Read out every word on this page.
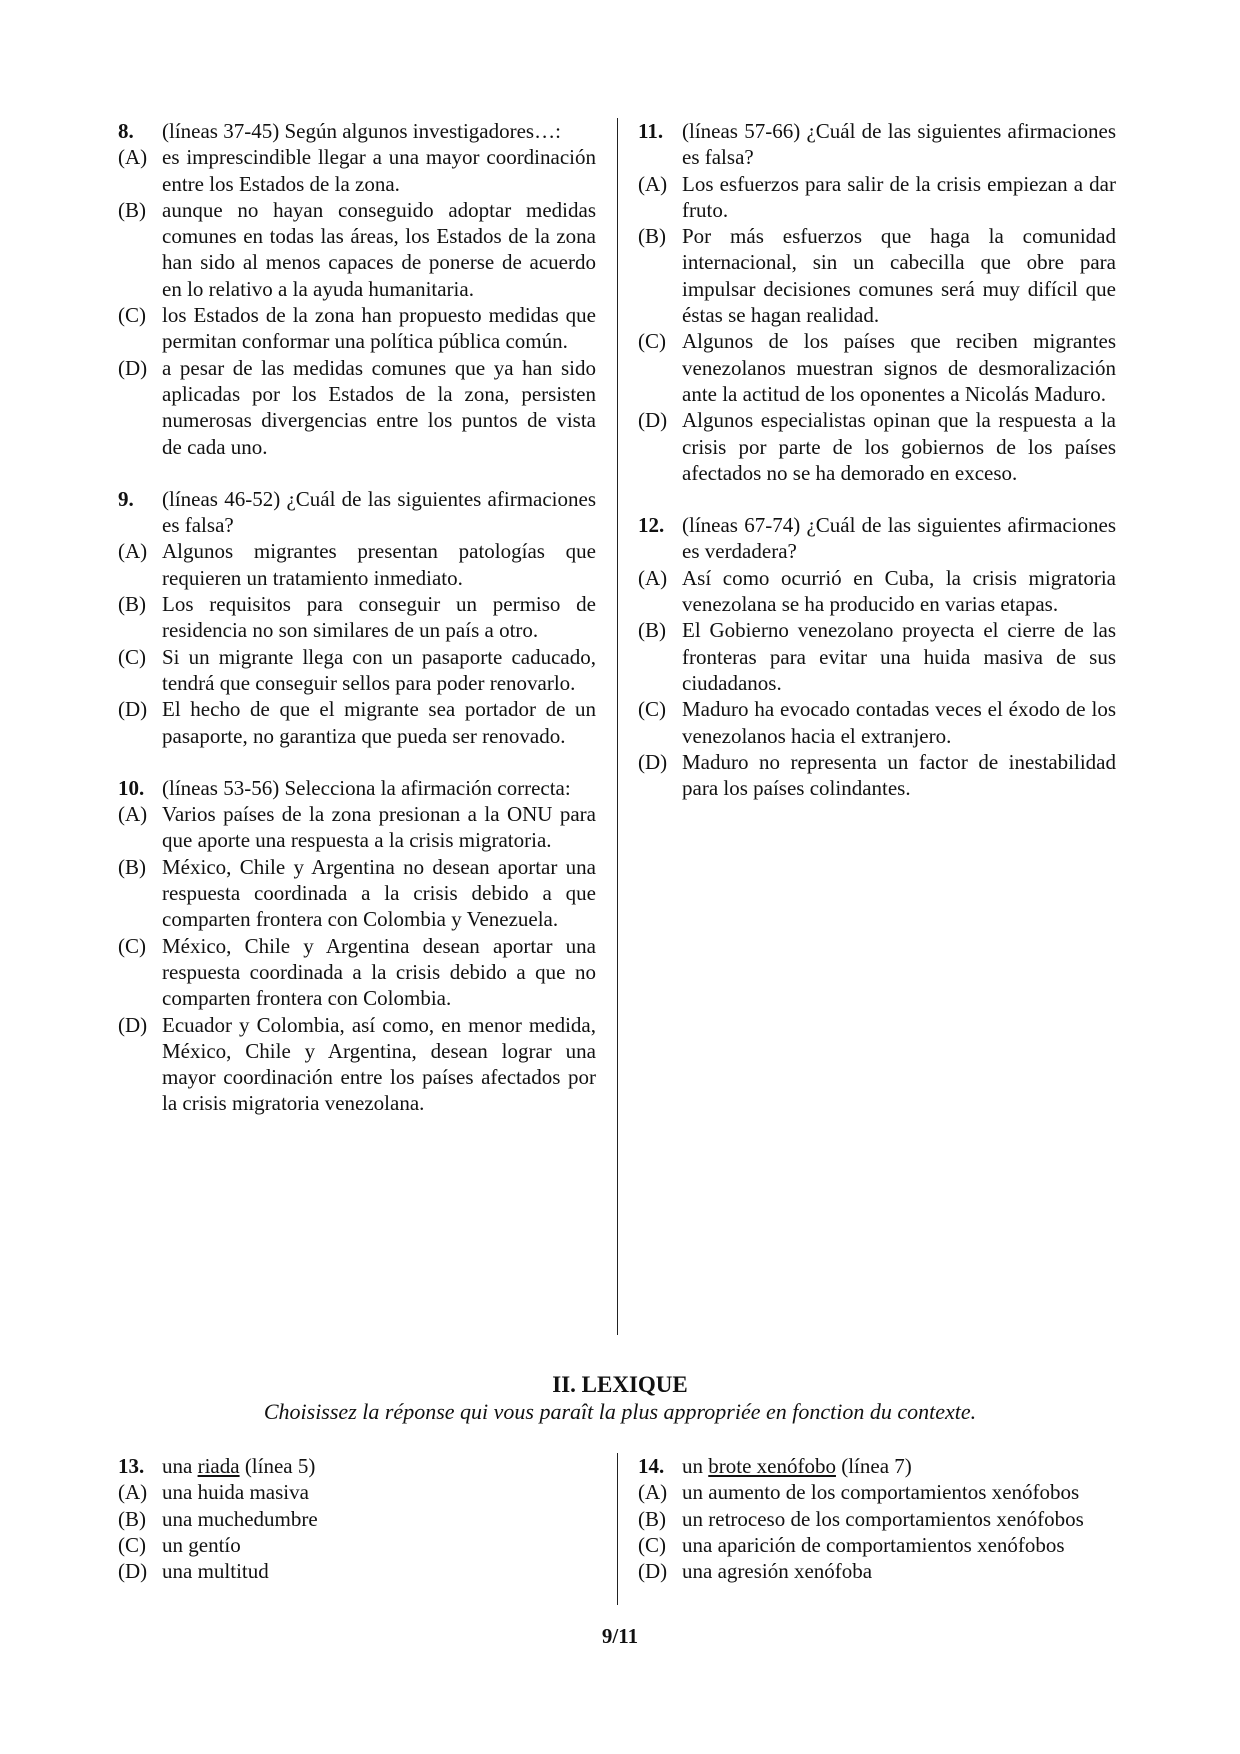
8.	(líneas 37-45) Según algunos investigadores…:
(A) es imprescindible llegar a una mayor coordinación entre los Estados de la zona.
(B) aunque no hayan conseguido adoptar medidas comunes en todas las áreas, los Estados de la zona han sido al menos capaces de ponerse de acuerdo en lo relativo a la ayuda humanitaria.
(C) los Estados de la zona han propuesto medidas que permitan conformar una política pública común.
(D) a pesar de las medidas comunes que ya han sido aplicadas por los Estados de la zona, persisten numerosas divergencias entre los puntos de vista de cada uno.
9.	(líneas 46-52) ¿Cuál de las siguientes afirmaciones es falsa?
(A) Algunos migrantes presentan patologías que requieren un tratamiento inmediato.
(B) Los requisitos para conseguir un permiso de residencia no son similares de un país a otro.
(C) Si un migrante llega con un pasaporte caducado, tendrá que conseguir sellos para poder renovarlo.
(D) El hecho de que el migrante sea portador de un pasaporte, no garantiza que pueda ser renovado.
10. (líneas 53-56) Selecciona la afirmación correcta:
(A) Varios países de la zona presionan a la ONU para que aporte una respuesta a la crisis migratoria.
(B) México, Chile y Argentina no desean aportar una respuesta coordinada a la crisis debido a que comparten frontera con Colombia y Venezuela.
(C) México, Chile y Argentina desean aportar una respuesta coordinada a la crisis debido a que no comparten frontera con Colombia.
(D) Ecuador y Colombia, así como, en menor medida, México, Chile y Argentina, desean lograr una mayor coordinación entre los países afectados por la crisis migratoria venezolana.
11. (líneas 57-66) ¿Cuál de las siguientes afirmaciones es falsa?
(A) Los esfuerzos para salir de la crisis empiezan a dar fruto.
(B) Por más esfuerzos que haga la comunidad internacional, sin un cabecilla que obre para impulsar decisiones comunes será muy difícil que éstas se hagan realidad.
(C) Algunos de los países que reciben migrantes venezolanos muestran signos de desmoralización ante la actitud de los oponentes a Nicolás Maduro.
(D) Algunos especialistas opinan que la respuesta a la crisis por parte de los gobiernos de los países afectados no se ha demorado en exceso.
12. (líneas 67-74) ¿Cuál de las siguientes afirmaciones es verdadera?
(A) Así como ocurrió en Cuba, la crisis migratoria venezolana se ha producido en varias etapas.
(B) El Gobierno venezolano proyecta el cierre de las fronteras para evitar una huida masiva de sus ciudadanos.
(C) Maduro ha evocado contadas veces el éxodo de los venezolanos hacia el extranjero.
(D) Maduro no representa un factor de inestabilidad para los países colindantes.
II. LEXIQUE
Choisissez la réponse qui vous paraît la plus appropriée en fonction du contexte.
13. una riada (línea 5)
(A) una huida masiva
(B) una muchedumbre
(C) un gentío
(D) una multitud
14. un brote xenófobo (línea 7)
(A) un aumento de los comportamientos xenófobos
(B) un retroceso de los comportamientos xenófobos
(C) una aparición de comportamientos xenófobos
(D) una agresión xenófoba
9/11
